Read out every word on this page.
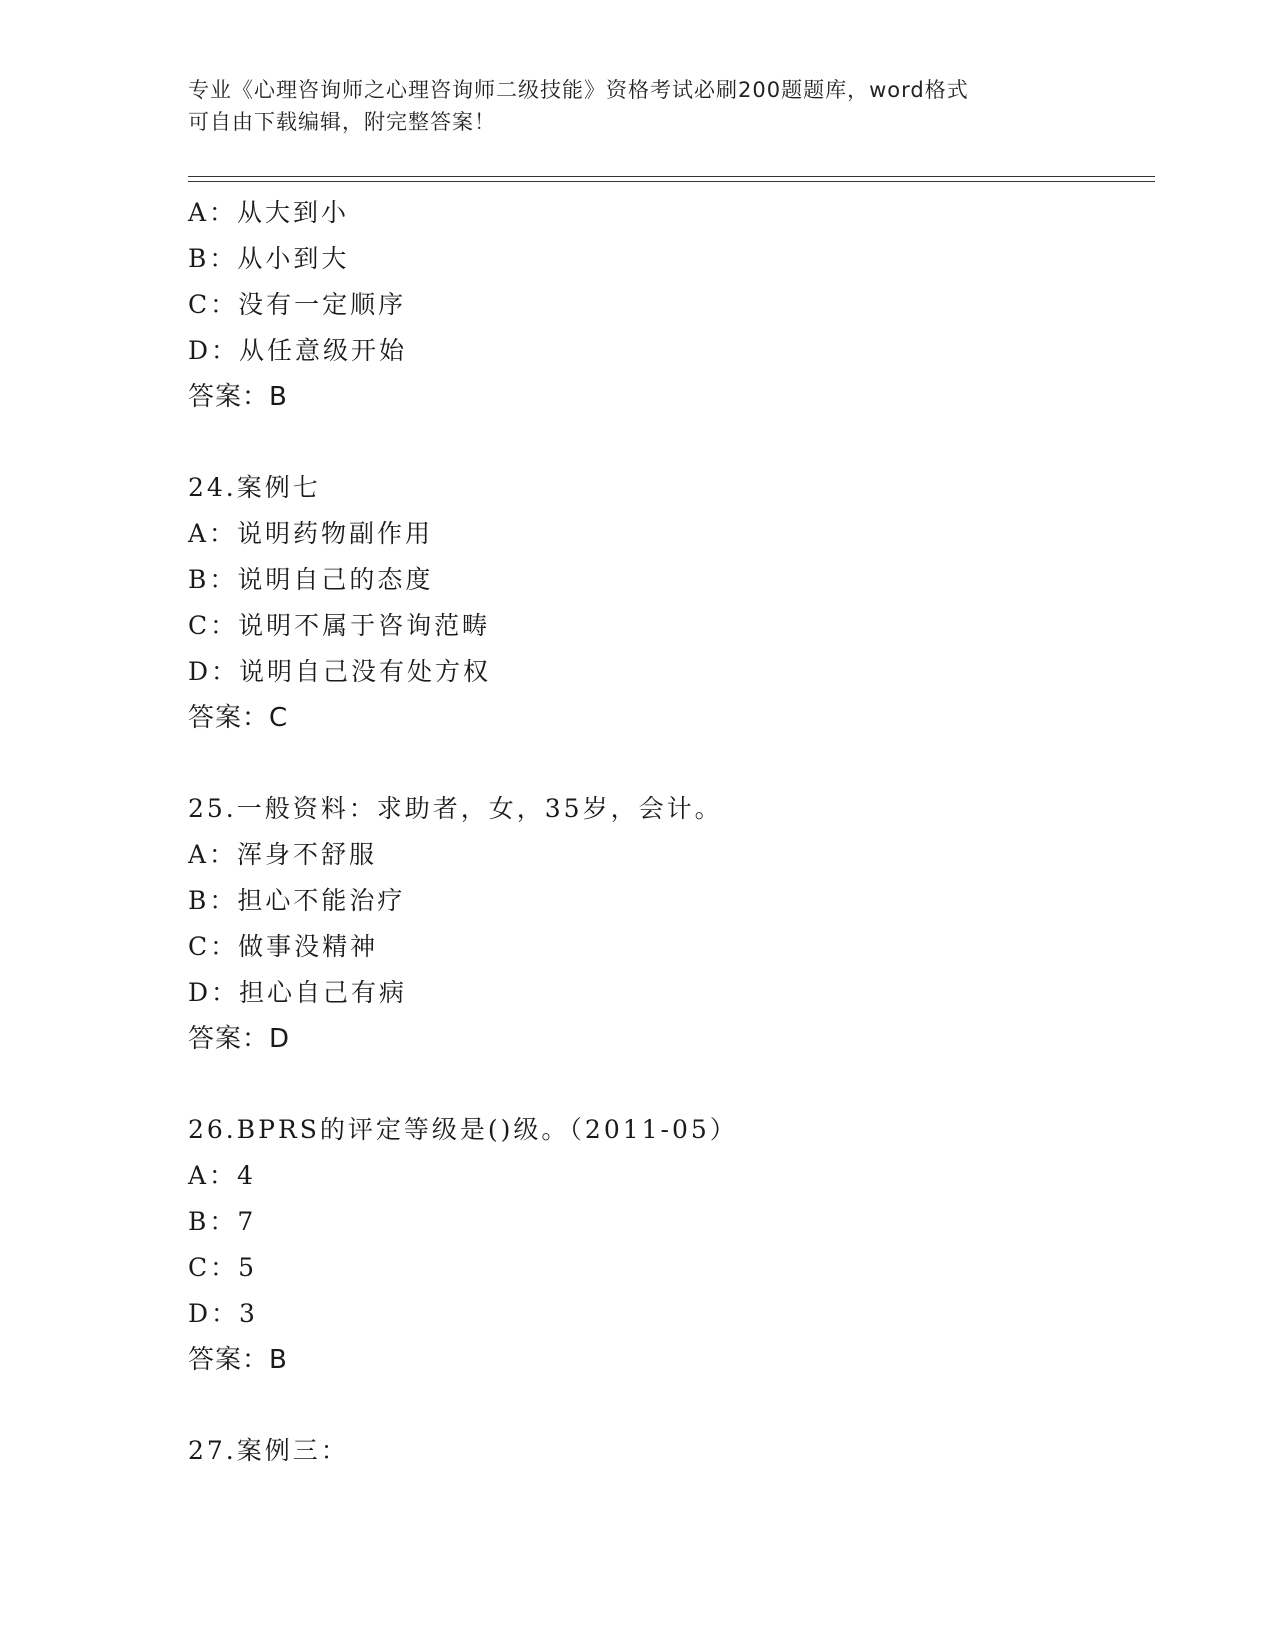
专业《心理咨询师之心理咨询师二级技能》资格考试必刷200题题库，word格式
可自由下载编辑，附完整答案！
A：从大到小
B：从小到大
C：没有一定顺序
D：从任意级开始
答案：B
24.案例七
A：说明药物副作用
B：说明自己的态度
C：说明不属于咨询范畴
D：说明自己没有处方权
答案：C
25.一般资料：求助者，女，35岁，会计。
A：浑身不舒服
B：担心不能治疗
C：做事没精神
D：担心自己有病
答案：D
26.BPRS的评定等级是()级。（2011-05）
A：4
B：7
C：5
D：3
答案：B
27.案例三：
